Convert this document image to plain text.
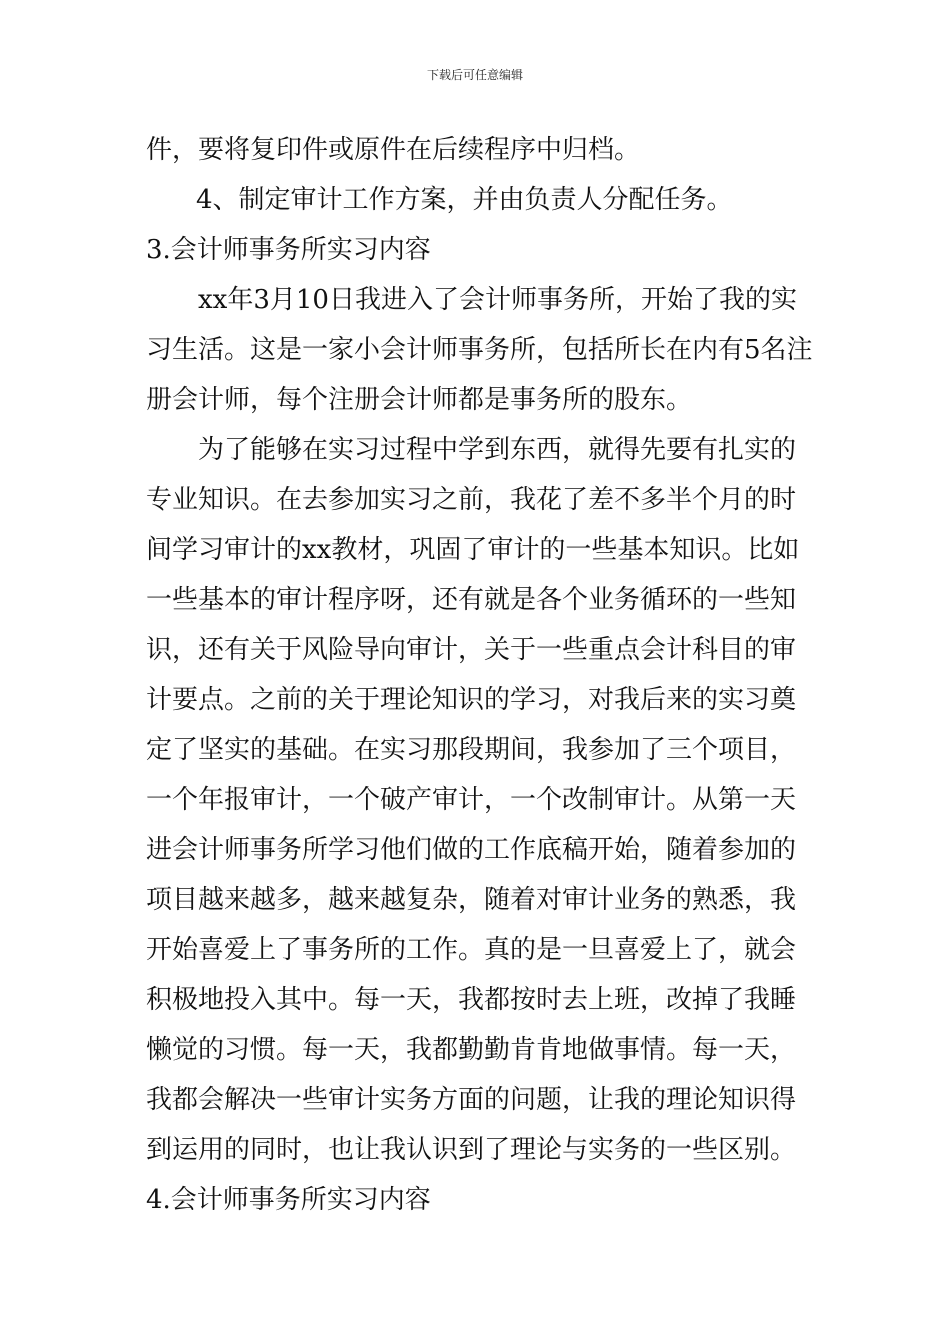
下载后可任意编辑
件，要将复印件或原件在后续程序中归档。
4、制定审计工作方案，并由负责人分配任务。
3.会计师事务所实习内容
xx年3月10日我进入了会计师事务所，开始了我的实
习生活。这是一家小会计师事务所，包括所长在内有5名注
册会计师，每个注册会计师都是事务所的股东。
为了能够在实习过程中学到东西，就得先要有扎实的
专业知识。在去参加实习之前，我花了差不多半个月的时
间学习审计的xx教材，巩固了审计的一些基本知识。比如
一些基本的审计程序呀，还有就是各个业务循环的一些知
识，还有关于风险导向审计，关于一些重点会计科目的审
计要点。之前的关于理论知识的学习，对我后来的实习奠
定了坚实的基础。在实习那段期间，我参加了三个项目，
一个年报审计，一个破产审计，一个改制审计。从第一天
进会计师事务所学习他们做的工作底稿开始，随着参加的
项目越来越多，越来越复杂，随着对审计业务的熟悉，我
开始喜爱上了事务所的工作。真的是一旦喜爱上了，就会
积极地投入其中。每一天，我都按时去上班，改掉了我睡
懒觉的习惯。每一天，我都勤勤肯肯地做事情。每一天，
我都会解决一些审计实务方面的问题，让我的理论知识得
到运用的同时，也让我认识到了理论与实务的一些区别。
4.会计师事务所实习内容
